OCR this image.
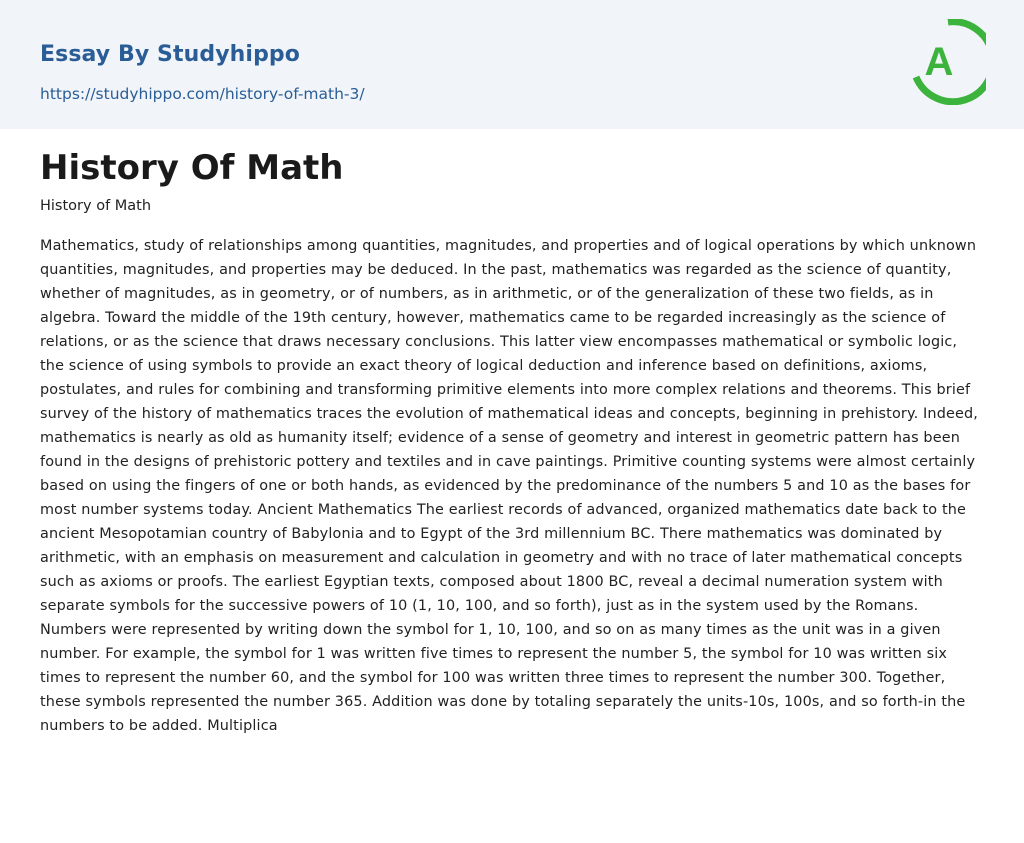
Essay By Studyhippo
https://studyhippo.com/history-of-math-3/
A
History Of Math

History of Math

Mathematics, study of relationships among quantities, magnitudes, and properties and of logical operations by which unknown quantities, magnitudes, and properties may be deduced. In the past, mathematics was regarded as the science of quantity, whether of magnitudes, as in geometry, or of numbers, as in arithmetic, or of the generalization of these two fields, as in algebra. Toward the middle of the 19th century, however, mathematics came to be regarded increasingly as the science of relations, or as the science that draws necessary conclusions. This latter view encompasses mathematical or symbolic logic, the science of using symbols to provide an exact theory of logical deduction and inference based on definitions, axioms, postulates, and rules for combining and transforming primitive elements into more complex relations and theorems. This brief survey of the history of mathematics traces the evolution of mathematical ideas and concepts, beginning in prehistory. Indeed, mathematics is nearly as old as humanity itself; evidence of a sense of geometry and interest in geometric pattern has been found in the designs of prehistoric pottery and textiles and in cave paintings. Primitive counting systems were almost certainly based on using the fingers of one or both hands, as evidenced by the predominance of the numbers 5 and 10 as the bases for most number systems today. Ancient Mathematics The earliest records of advanced, organized mathematics date back to the ancient Mesopotamian country of Babylonia and to Egypt of the 3rd millennium BC. There mathematics was dominated by arithmetic, with an emphasis on measurement and calculation in geometry and with no trace of later mathematical concepts such as axioms or proofs. The earliest Egyptian texts, composed about 1800 BC, reveal a decimal numeration system with separate symbols for the successive powers of 10 (1, 10, 100, and so forth), just as in the system used by the Romans. Numbers were represented by writing down the symbol for 1, 10, 100, and so on as many times as the unit was in a given number. For example, the symbol for 1 was written five times to represent the number 5, the symbol for 10 was written six times to represent the number 60, and the symbol for 100 was written three times to represent the number 300. Together, these symbols represented the number 365. Addition was done by totaling separately the units-10s, 100s, and so forth-in the numbers to be added. Multiplica
